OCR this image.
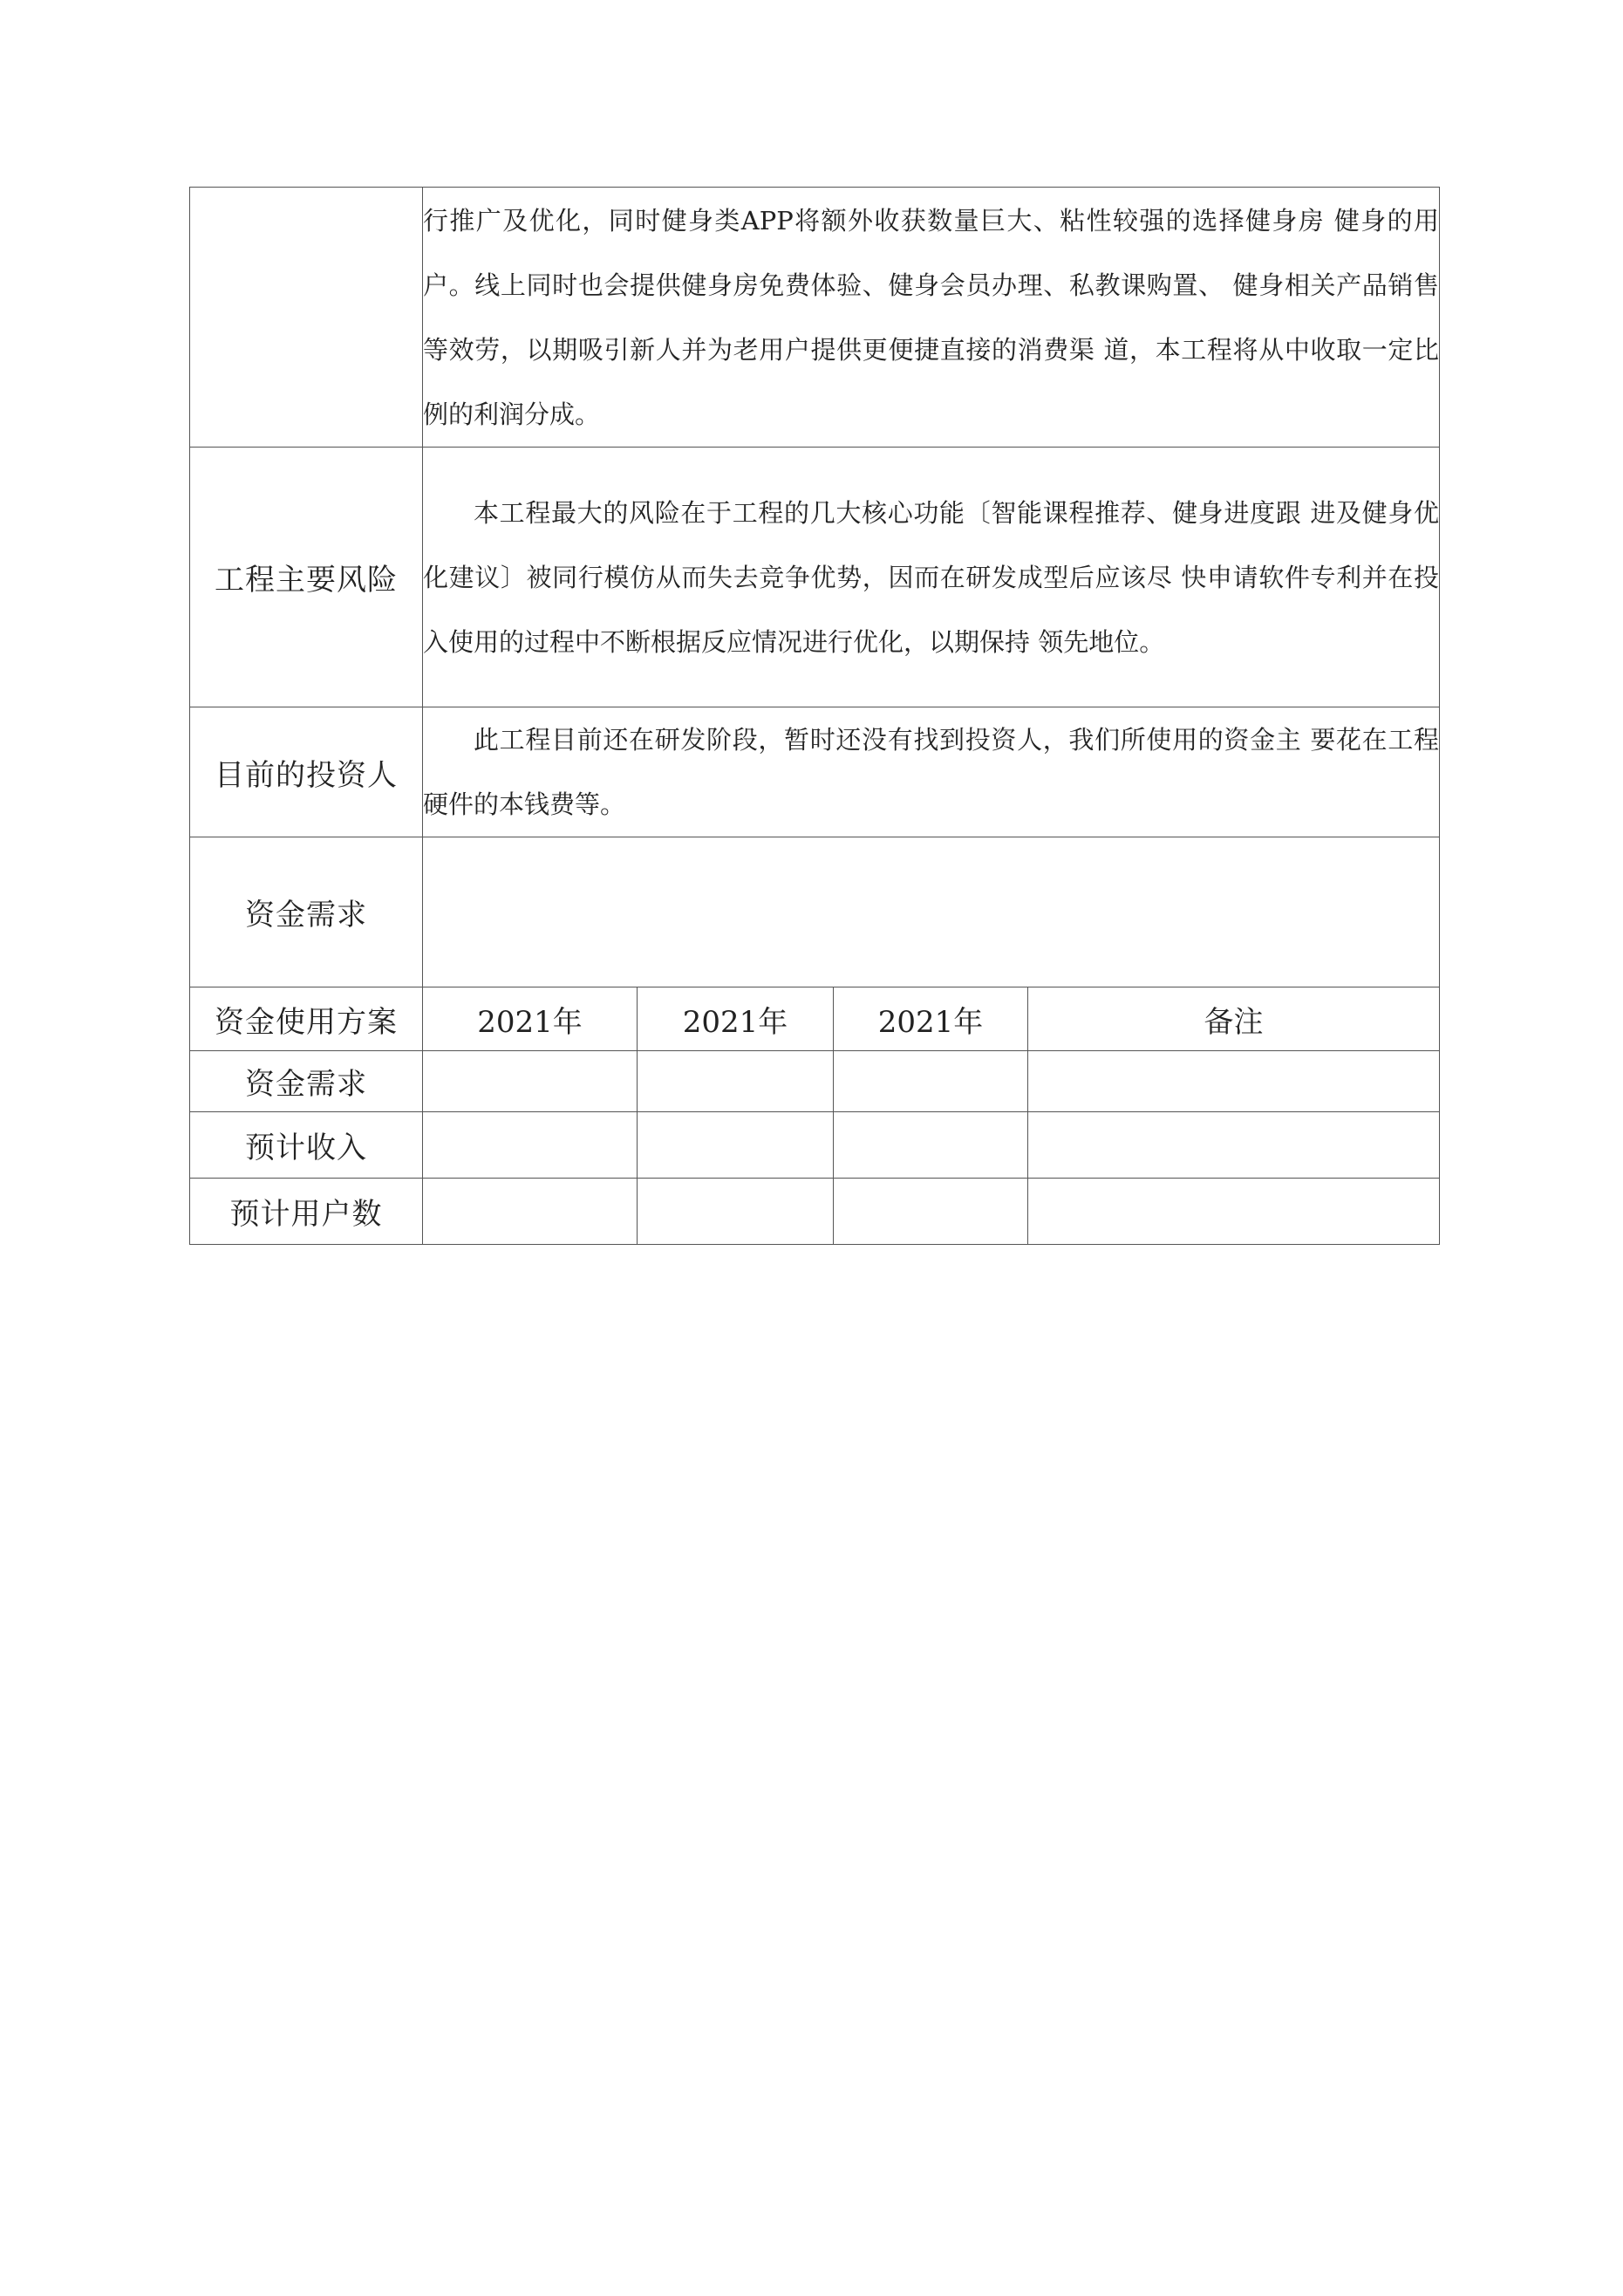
	行推广及优化，同时健身类APP将额外收获数量巨大、粘性较强的选择健身房 健身的用户。线上同时也会提供健身房免费体验、健身会员办理、私教课购置、 健身相关产品销售等效劳，以期吸引新人并为老用户提供更便捷直接的消费渠 道，本工程将从中收取一定比例的利润分成。			

工程主要风险	本工程最大的风险在于工程的几大核心功能〔智能课程推荐、健身进度跟 进及健身优化建议〕被同行模仿从而失去竞争优势，因而在研发成型后应该尽 快申请软件专利并在投入使用的过程中不断根据反应情况进行优化，以期保持 领先地位。			

目前的投资人	此工程目前还在研发阶段，暂时还没有找到投资人，我们所使用的资金主 要花在工程硬件的本钱费等。			

资金需求				
资金使用方案	2021年	2021年	2021年	备注
资金需求				
预计收入				
预计用户数				
